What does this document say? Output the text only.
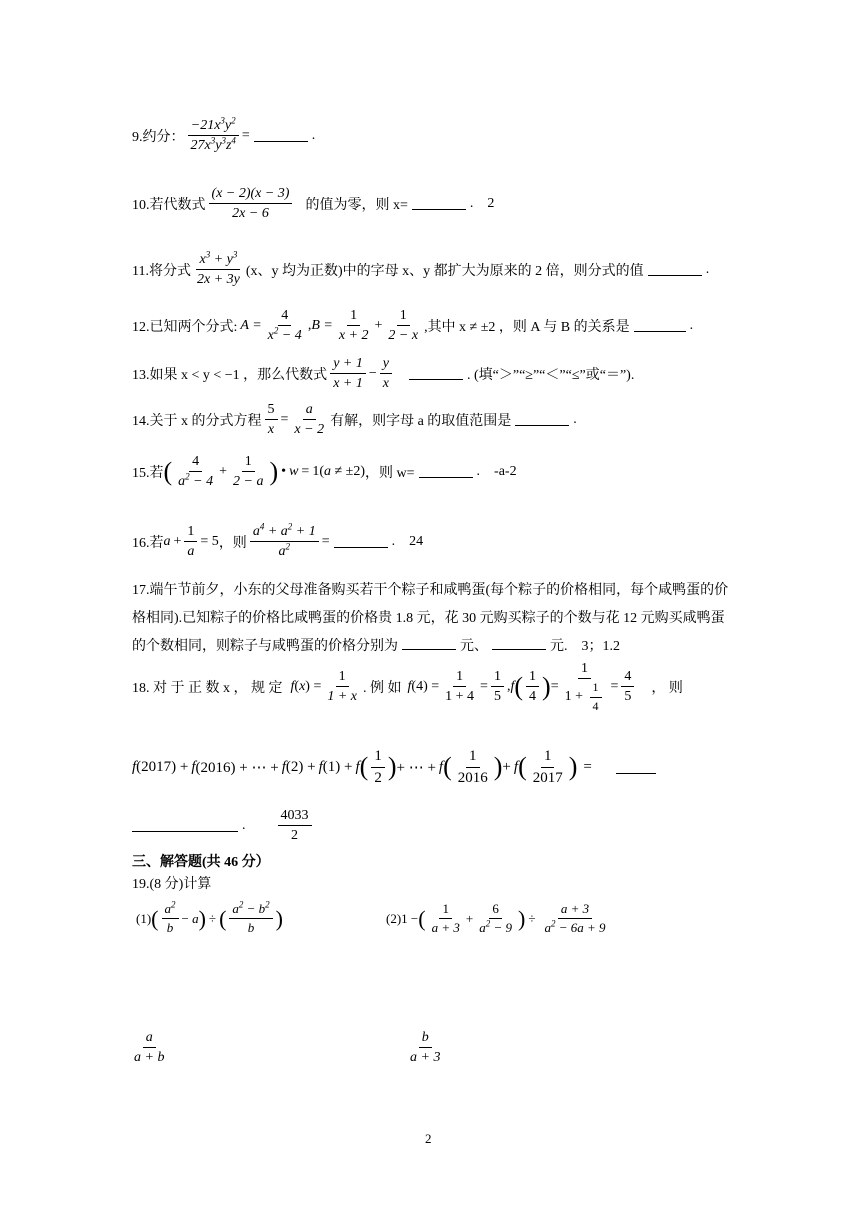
9.约分： $\frac{-21x^3y^2}{27x^3y^3z^4}$ =	.
10.若代数式 $\frac{(x - 2)(x - 3)}{2x - 6}$ 的值为零，则 x=	. 2
11.将分式 $\frac{x^3 + y^3}{2x + 3y} (x$、y 均为正数)中的字母 x、y 都扩大为原来的 2 倍，则分式的值	.
12.已知两个分式: $A = \frac{4}{x^2 - 4}$ , $B = \frac{1}{x + 2} + \frac{1}{2 - x}$ ,其中 x ≠ ±2 ，则 A 与 B 的关系是	.
13.如果 x < y < −1 ，那么代数式 $\frac{y + 1}{x + 1} - \frac{y}{x}$	. (填“＞”“≥”“＜”“≤”或“＝”).
14.关于 x 的分式方程 $\frac{5}{x} = \frac{a}{x - 2}$ 有解，则字母 a 的取值范围是	.
15.若 ( $\frac{4}{a^2 - 4} + \frac{1}{2 - a}$ ) • w = 1(a ≠ ±2) ，则 w=	. -a-2
16.若 $a + \frac{1}{a} = 5$ ，则 $\frac{a^4 + a^2 + 1}{a^2}$ =	. 24
17.端午节前夕，小东的父母准备购买若干个粽子和咸鸭蛋(每个粽子的价格相同，每个咸鸭蛋的价格相同).已知粽子的价格比咸鸭蛋的价格贵 1.8 元，花 30 元购买粽子的个数与花 12 元购买咸鸭蛋的个数相同，则粽子与咸鸭蛋的价格分别为	元、	元. 3；1.2
18. 对 于 正 数 x ， 规 定 f $(x) = \frac{1}{1 + x}$ . 例 如 f $(4) = \frac{1}{1 + 4} = \frac{1}{5}$ , f ( $\frac{1}{4}$ ) = $\frac{1}{1 + \frac{1}{4}} = \frac{4}{5}$ ， 则
f (2017) + f (2016) + ⋯ + f (2) + f (1) + f ( $\frac{1}{2}$ ) + ⋯ + f ( $\frac{1}{2016}$ ) + f ( $\frac{1}{2017}$ ) =
. $\frac{4033}{2}$
三、解答题(共 46 分）
19.(8 分)计算
(1) ( $\frac{a^2}{b} - a$ ) ÷ ( $\frac{a^2 - b^2}{b}$ )	(2) 1 − ( $\frac{1}{a + 3} + \frac{6}{a^2 - 9}$ ) ÷ $\frac{a + 3}{a^2 - 6a + 9}$
$\frac{a}{a + b}$	$\frac{b}{a + 3}$
2
